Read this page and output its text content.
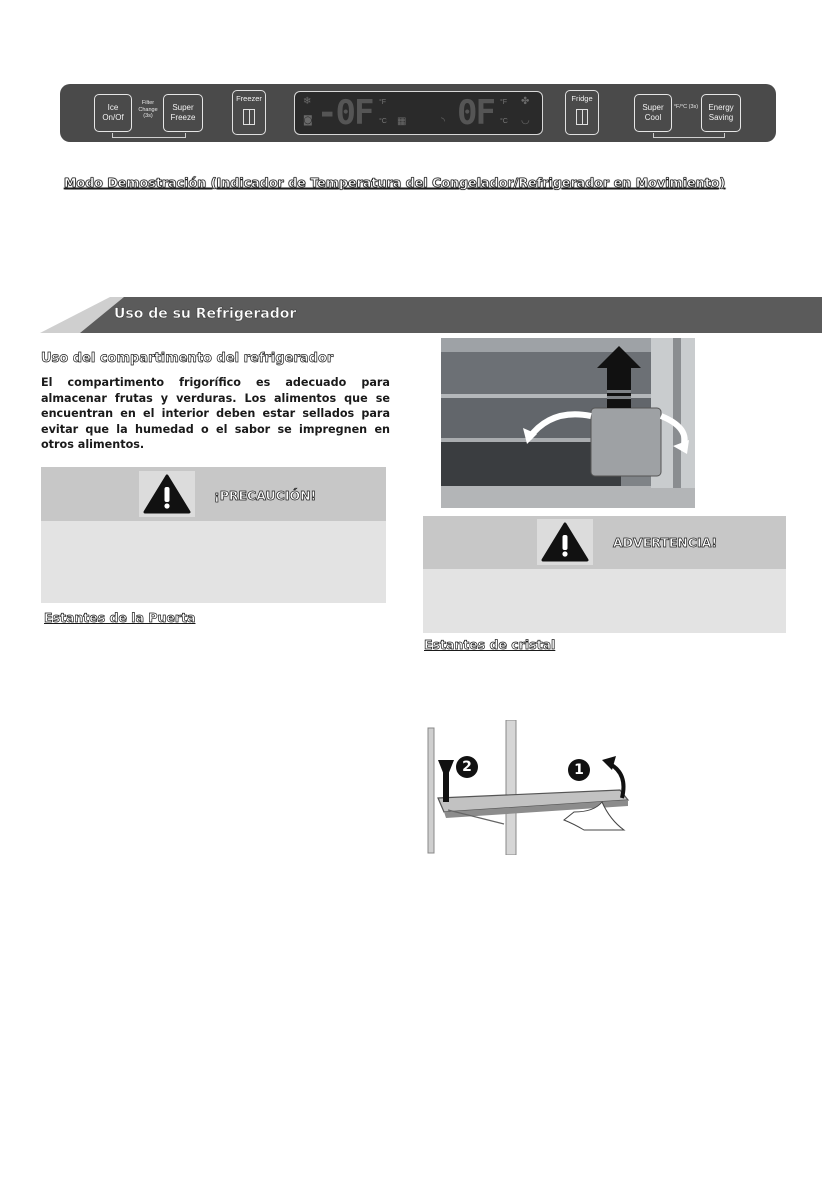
Ice On/Of
Filter Change (3s)
Super Freeze
Freezer	❄
◙ -0F °F
°C ▦	◝ 0F °F
°C
✤
◡
Fridge
Super Cool
°F/°C (3s)	Energy Saving
Modo Demostración (Indicador de Temperatura del Congelador/Refrigerador en Movimiento)
Uso de su Refrigerador
Uso del compartimento del refrigerador
El compartimento frigorífico es adecuado para almacenar frutas y verduras. Los alimentos que se encuentran en el interior deben estar sellados para evitar que la humedad o el sabor se impregnen en otros alimentos.
¡PRECAUCIÓN!
Estantes de la Puerta
ADVERTENCIA!
Estantes de cristal
2	1
